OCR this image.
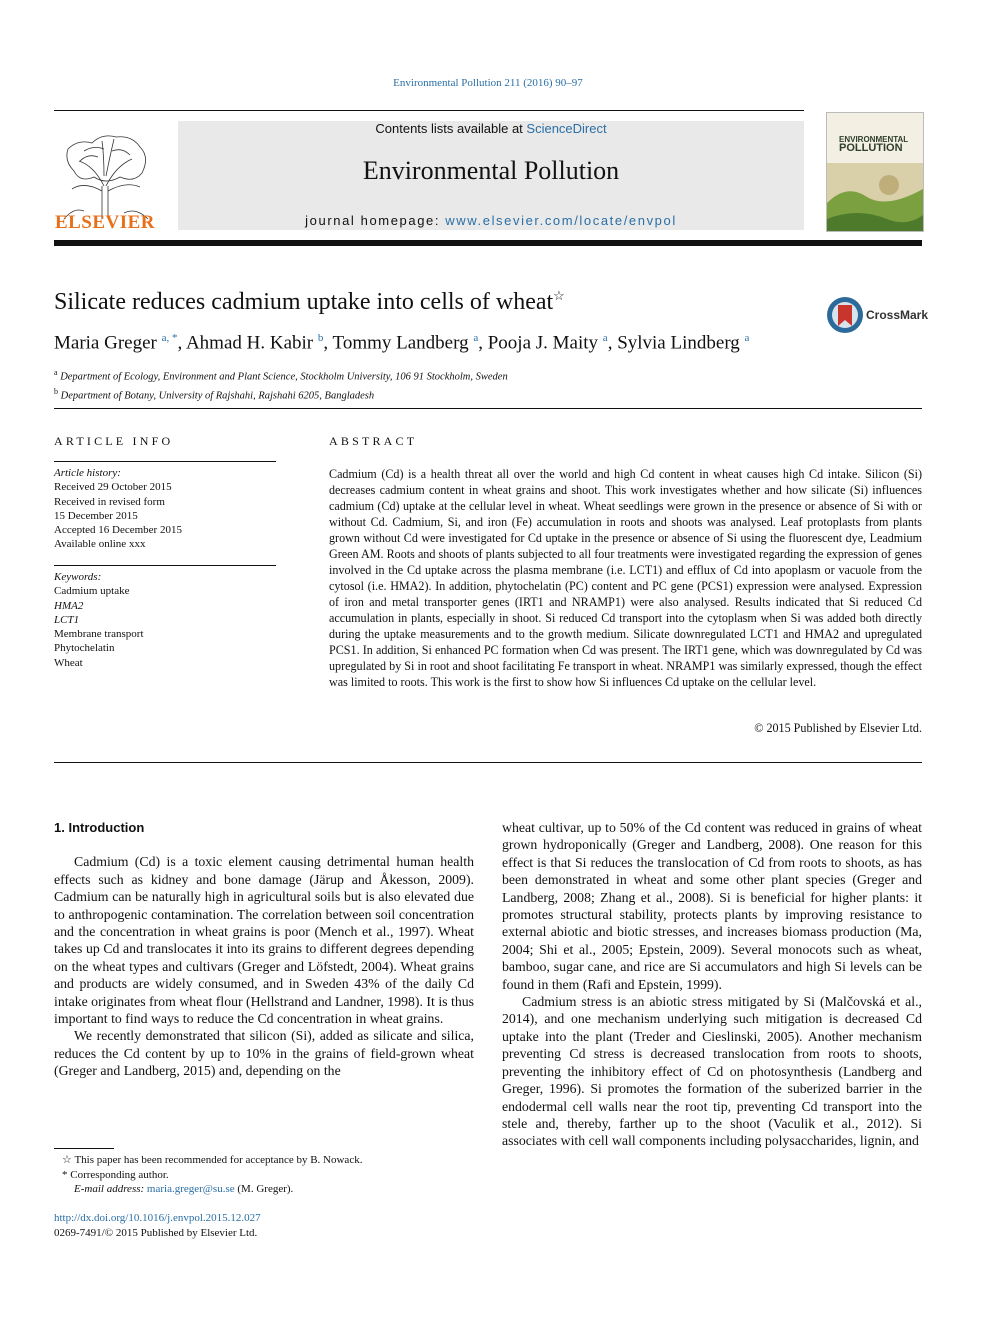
Environmental Pollution 211 (2016) 90–97
ELSEVIER
Contents lists available at ScienceDirect
Environmental Pollution
journal homepage: www.elsevier.com/locate/envpol
ENVIRONMENTAL
POLLUTION
Silicate reduces cadmium uptake into cells of wheat☆
CrossMark
Maria Greger $^{a, *}$, Ahmad H. Kabir $^b$, Tommy Landberg $^a$, Pooja J. Maity $^a$, Sylvia Lindberg $^a$
$^a$ Department of Ecology, Environment and Plant Science, Stockholm University, 106 91 Stockholm, Sweden
$^b$ Department of Botany, University of Rajshahi, Rajshahi 6205, Bangladesh
ARTICLE INFO
Article history:
Received 29 October 2015
Received in revised form
15 December 2015
Accepted 16 December 2015
Available online xxx
Keywords:
Cadmium uptake
HMA2
LCT1
Membrane transport
Phytochelatin
Wheat
ABSTRACT
Cadmium (Cd) is a health threat all over the world and high Cd content in wheat causes high Cd intake. Silicon (Si) decreases cadmium content in wheat grains and shoot. This work investigates whether and how silicate (Si) influences cadmium (Cd) uptake at the cellular level in wheat. Wheat seedlings were grown in the presence or absence of Si with or without Cd. Cadmium, Si, and iron (Fe) accumulation in roots and shoots was analysed. Leaf protoplasts from plants grown without Cd were investigated for Cd uptake in the presence or absence of Si using the fluorescent dye, Leadmium Green AM. Roots and shoots of plants subjected to all four treatments were investigated regarding the expression of genes involved in the Cd uptake across the plasma membrane (i.e. LCT1) and efflux of Cd into apoplasm or vacuole from the cytosol (i.e. HMA2). In addition, phytochelatin (PC) content and PC gene (PCS1) expression were analysed. Expression of iron and metal transporter genes (IRT1 and NRAMP1) were also analysed. Results indicated that Si reduced Cd accumulation in plants, especially in shoot. Si reduced Cd transport into the cytoplasm when Si was added both directly during the uptake measurements and to the growth medium. Silicate downregulated LCT1 and HMA2 and upregulated PCS1. In addition, Si enhanced PC formation when Cd was present. The IRT1 gene, which was downregulated by Cd was upregulated by Si in root and shoot facilitating Fe transport in wheat. NRAMP1 was similarly expressed, though the effect was limited to roots. This work is the first to show how Si influences Cd uptake on the cellular level.
© 2015 Published by Elsevier Ltd.
1. Introduction

Cadmium (Cd) is a toxic element causing detrimental human health effects such as kidney and bone damage (Järup and Åkesson, 2009). Cadmium can be naturally high in agricultural soils but is also elevated due to anthropogenic contamination. The correlation between soil concentration and the concentration in wheat grains is poor (Mench et al., 1997). Wheat takes up Cd and translocates it into its grains to different degrees depending on the wheat types and cultivars (Greger and Löfstedt, 2004). Wheat grains and products are widely consumed, and in Sweden 43% of the daily Cd intake originates from wheat flour (Hellstrand and Landner, 1998). It is thus important to find ways to reduce the Cd concentration in wheat grains.

We recently demonstrated that silicon (Si), added as silicate and silica, reduces the Cd content by up to 10% in the grains of field-grown wheat (Greger and Landberg, 2015) and, depending on the

wheat cultivar, up to 50% of the Cd content was reduced in grains of wheat grown hydroponically (Greger and Landberg, 2008). One reason for this effect is that Si reduces the translocation of Cd from roots to shoots, as has been demonstrated in wheat and some other plant species (Greger and Landberg, 2008; Zhang et al., 2008). Si is beneficial for higher plants: it promotes structural stability, protects plants by improving resistance to external abiotic and biotic stresses, and increases biomass production (Ma, 2004; Shi et al., 2005; Epstein, 2009). Several monocots such as wheat, bamboo, sugar cane, and rice are Si accumulators and high Si levels can be found in them (Rafi and Epstein, 1999).

Cadmium stress is an abiotic stress mitigated by Si (Malčovská et al., 2014), and one mechanism underlying such mitigation is decreased Cd uptake into the plant (Treder and Cieslinski, 2005). Another mechanism preventing Cd stress is decreased translocation from roots to shoots, preventing the inhibitory effect of Cd on photosynthesis (Landberg and Greger, 1996). Si promotes the formation of the suberized barrier in the endodermal cell walls near the root tip, preventing Cd transport into the stele and, thereby, farther up to the shoot (Vaculik et al., 2012). Si associates with cell wall components including polysaccharides, lignin, and

☆ This paper has been recommended for acceptance by B. Nowack.
* Corresponding author.
E-mail address: maria.greger@su.se (M. Greger).
http://dx.doi.org/10.1016/j.envpol.2015.12.027
0269-7491/© 2015 Published by Elsevier Ltd.
